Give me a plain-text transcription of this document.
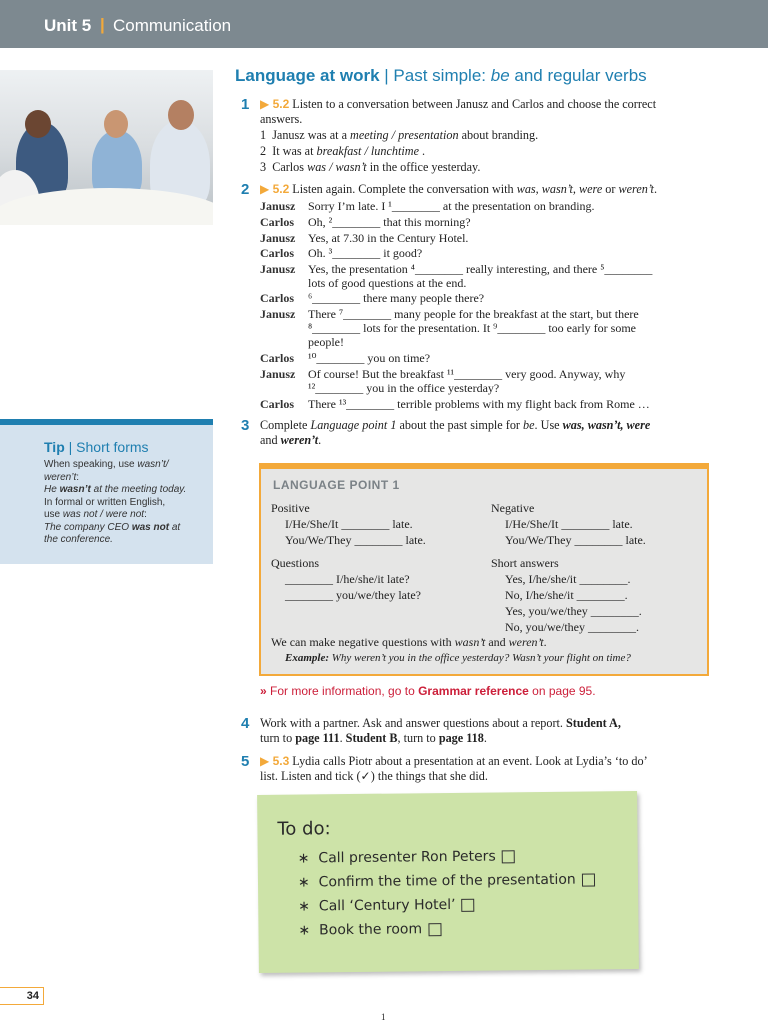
Unit 5 | Communication
Language at work | Past simple: be and regular verbs
1 ▶ 5.2 Listen to a conversation between Janusz and Carlos and choose the correct answers.
1 Janusz was at a meeting / presentation about branding.
2 It was at breakfast / lunchtime .
3 Carlos was / wasn’t in the office yesterday.
2 ▶ 5.2 Listen again. Complete the conversation with was, wasn’t, were or weren’t.
Janusz Sorry I’m late. I ¹________ at the presentation on branding.
Carlos Oh, ²________ that this morning?
Janusz Yes, at 7.30 in the Century Hotel.
Carlos Oh. ³________ it good?
Janusz Yes, the presentation ⁴________ really interesting, and there ⁵________
lots of good questions at the end.
Carlos ⁶________ there many people there?
Janusz There ⁷________ many people for the breakfast at the start, but there
⁸________ lots for the presentation. It ⁹________ too early for some
people!
Carlos ¹⁰________ you on time?
Janusz Of course! But the breakfast ¹¹________ very good. Anyway, why
¹²________ you in the office yesterday?
Carlos There ¹³________ terrible problems with my flight back from Rome …
Tip | Short forms
When speaking, use wasn’t/
weren’t:
He wasn’t at the meeting today.
In formal or written English,
use was not / were not:
The company CEO was not at
the conference.
3 Complete Language point 1 about the past simple for be. Use was, wasn’t, were
and weren’t.
LANGUAGE POINT 1
Positive
I/He/She/It ________ late.
You/We/They ________ late.
Negative
I/He/She/It ________ late.
You/We/They ________ late.
Questions
________ I/he/she/it late?
________ you/we/they late?
Short answers
Yes, I/he/she/it ________.
No, I/he/she/it ________.
Yes, you/we/they ________.
No, you/we/they ________.
We can make negative questions with wasn’t and weren’t.
Example: Why weren’t you in the office yesterday? Wasn’t your flight on time?
» For more information, go to Grammar reference on page 95.
4 Work with a partner. Ask and answer questions about a report. Student A,
turn to page 111. Student B, turn to page 118.
5 ▶ 5.3 Lydia calls Piotr about a presentation at an event. Look at Lydia’s ‘to do’
list. Listen and tick (✓) the things that she did.
To do:
∗ Call presenter Ron Peters
∗ Confirm the time of the presentation
∗ Call ‘Century Hotel’
∗ Book the room
34
1
